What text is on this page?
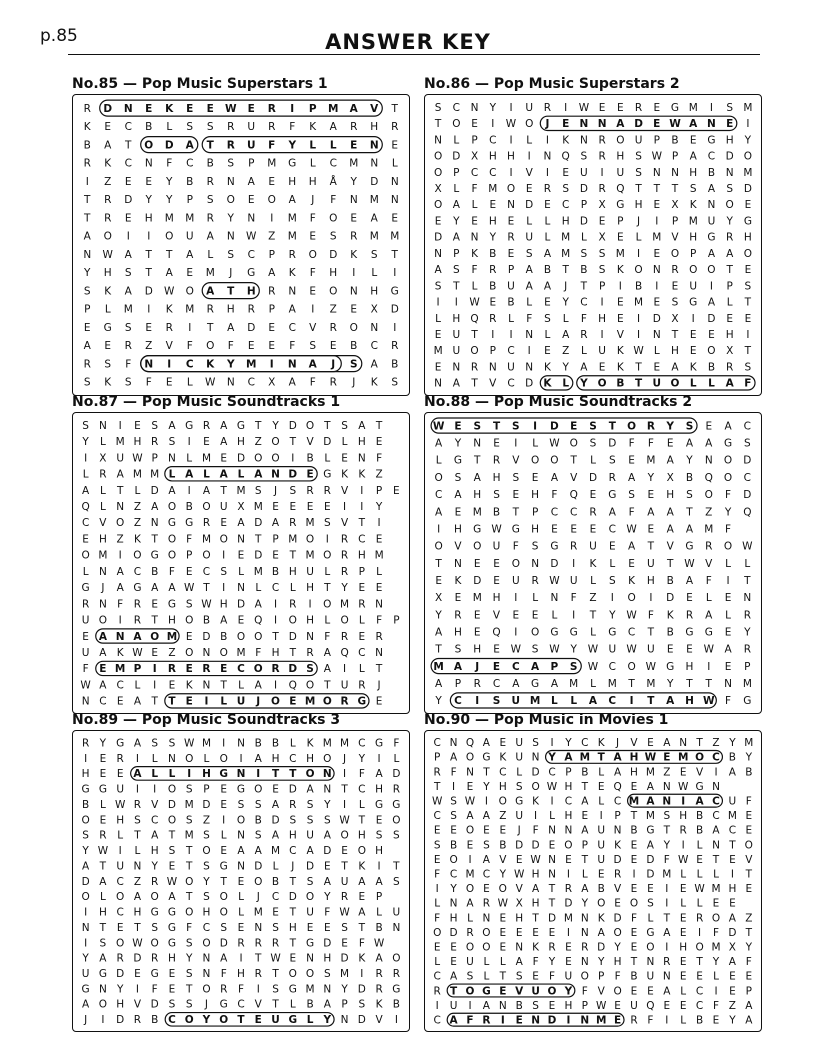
p.85	ANSWER KEY
No.85 — Pop Music Superstars 1
R D N E K E E W E R I P M A V T
K E C B L S S R U R F K A R H R
B A T O D A T R U F Y L L E N E
R K C N F C B S P M G L C M N L
I Z E E Y B R N A E H H Å Y D N
T R D Y Y P S O E O A J F N M N
T R E H M M R Y N I M F O E A E
A O I I O U A N W Z M E S R M M
N W A T T A L S C P R O D K S T
Y H S T A E M J G A K F H I L I
S K A D W O A T H R N E O N H G
P L M I K M R H R P A I Z E X D
E G S E R I T A D E C V R O N I
A E R Z V F O F E E F S E B C R
R S F N I C K Y M I N A J S A B
S K S F E L W N C X A F R J K S
No.86 — Pop Music Superstars 2
S C N Y I U R I W E E R E G M I S M
T O E I W O J E N N A D E W A N E I
N L P C I L I K N R O U P B E G H Y
O D X H H I N Q S R H S W P A C D O
O P C C I V I E U I U S N N H B N M
X L F M O E R S D R Q T T T S A S D
O A L E N D E C P X G H E X K N O E
E Y E H E L L H D E P J I P M U Y G
D A N Y R U L M L X E L M V H G R H
N P K B E S A M S S M I E O P A A O
A S F R P A B T B S K O N R O O T E
S T L B U A A J T P I B I E U I P S
I I W E B L E Y C I E M E S G A L T
L H Q R L F S L F H E I D X I D E E
E U T I I N L A R I V I N T E E H I
M U O P C I E Z L U K W L H E O X T
E N R N U N K Y A E K T E A K B R S
N A T V C D K L Y O B T U O L L A F
No.87 — Pop Music Soundtracks 1
S N I E S A G R A G T Y D O T S A T
Y L M H R S I E A H Z O T V D L H E
I X U W P N L M E D O O I B L E N F
L R A M M L A L A L A N D E G K K Z
A L T L D A I A T M S J S R R V I P E
Q L N Z A O B O U X M E E E E I I Y
C V O Z N G G R E A D A R M S V T I
E H Z K T O F M O N T P M O I R C E
O M I O G O P O I E D E T M O R H M
L N A C B F E C S L M B H U L R P L
G J A G A A W T I N L C L H T Y E E
R N F R E G S W H D A I R I O M R N
U O I R T H O B A E Q I O H L O L F P
E A N A O M E D B O O T D N F R E R
U A K W E Z O N O M F H T R A Q C N
F E M P I R E R E C O R D S A I L T
W A C L I E K N T L A I Q O T U R J
N C E A T T E I L U J O E M O R G E
No.88 — Pop Music Soundtracks 2
W E S T S I D E S T O R Y S E A C
A Y N E I L W O S D F F E A A G S
L G T R V O O T L S E M A Y N O D
O S A H S E A V D R A Y X B Q O C
C A H S E H F Q E G S E H S O F D
A E M B T P C C R A F A A T Z Y Q
I H G W G H E E E C W E A A M F
O V O U F S G R U E A T V G R O W
T N E E O N D I K L E U T W V L L
E K D E U R W U L S K H B A F I T
X E M H I L N F Z I O I D E L E N
Y R E V E E L I T Y W F K R A L R
A H E Q I O G G L G C T B G G E Y
T S H E W S W Y W U W U E E W A R
M A J E C A P S W C O W G H I E P
A P R C A G A M L M T M Y T T N M
Y C I S U M L L A C I T A H W F G
No.89 — Pop Music Soundtracks 3
R Y G A S S W M I N B B L K M M C G F
I E R I L N O L O I A H C H O J Y I L
H E E A L L I H G N I T T O N I F A D
G G U I I O S P E G O E D A N T C H R
B L W R V D M D E S S A R S Y I L G G
O E H S C O S Z I O B D S S S W T E O
S R L T A T M S L N S A H U A O H S S
Y W I L H S T O E A A M C A D E O H
A T U N Y E T S G N D L J D E T K I T
D A C Z R W O Y T E O B T S A U A A S
O L O A O A T S O L J C D O Y R E P
I H C H G G O H O L M E T U F W A L U
N T E T S G F C S E N S H E E S T B N
I S O W O G S O D R R R T G D E F W
Y A R D R H Y N A I T W E N H D K A O
U G D E G E S N F H R T O O S M I R R
G N Y I F E T O R F I S G M N Y D R G
A O H V D S S J G C V T L B A P S K B
J I D R B C O Y O T E U G L Y N D V I
No.90 — Pop Music in Movies 1
C N Q A E U S I Y C K J V E A N T Z Y M
P A O G K U N Y A M T A H W E M O C B Y
R F N T C L D C P B L A H M Z E V I A B
T I E Y H S O W H T E Q E A N W G N
W S W I O G K I C A L C M A N I A C U F
C S A A Z U I L H E I P T M S H B C M E
E E O E E J F N N A U N B G T R B A C E
S B E S B D D E O P U K E A Y I L N T O
E O I A V E W N E T U D E D F W E T E V
F C M C Y W H N I L E R I D M L L L I T
I Y O E O V A T R A B V E E I E W M H E
L N A R W X H T D Y O E O S I L L E E
F H L N E H T D M N K D F L T E R O A Z
O D R O E E E E I N A O E G A E I F D T
E E O O E N K R E R D Y E O I H O M X Y
L E U L L A F Y E N Y H T N R E T Y A F
C A S L T S E F U O P F B U N E E L E E
R T O G E V U O Y F V O E E A L C I E P
I U I A N B S E H P W E U Q E E C F Z A
C A F R I E N D I N M E R F I L B E Y A
